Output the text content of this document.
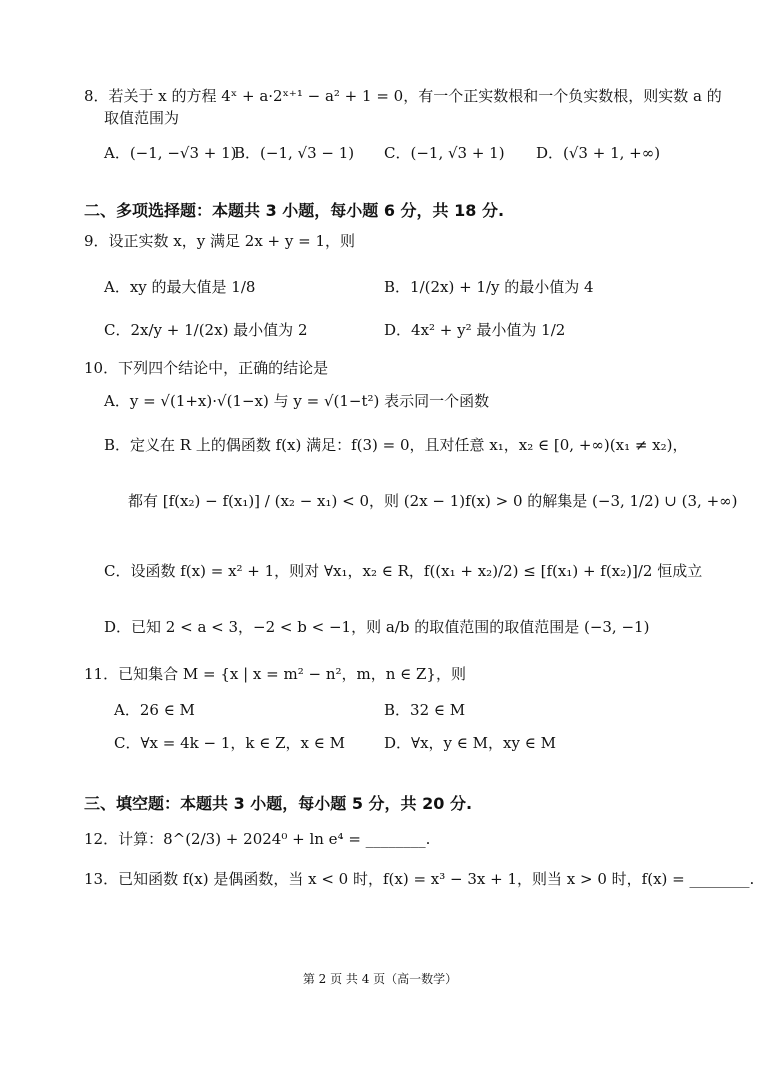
8．若关于 x 的方程 4ˣ + a·2ˣ⁺¹ − a² + 1 = 0，有一个正实数根和一个负实数根，则实数 a 的
取值范围为
A．(−1, −√3 + 1)
B．(−1, √3 − 1) C．(−1, √3 + 1) D．(√3 + 1, +∞)
二、多项选择题：本题共 3 小题，每小题 6 分，共 18 分.
9．设正实数 x，y 满足 2x + y = 1，则
A．xy 的最大值是 1/8	B．1/(2x) + 1/y 的最小值为 4
C．2x/y + 1/(2x) 最小值为 2	D．4x² + y² 最小值为 1/2
10．下列四个结论中，正确的结论是
A．y = √(1+x)·√(1−x) 与 y = √(1−t²) 表示同一个函数
B．定义在 R 上的偶函数 f(x) 满足：f(3) = 0，且对任意 x₁，x₂ ∈ [0, +∞)(x₁ ≠ x₂)，
都有 [f(x₂) − f(x₁)] / (x₂ − x₁) < 0，则 (2x − 1)f(x) > 0 的解集是 (−3, 1/2) ∪ (3, +∞)
C．设函数 f(x) = x² + 1，则对 ∀x₁，x₂ ∈ R，f((x₁ + x₂)/2) ≤ [f(x₁) + f(x₂)]/2 恒成立
D．已知 2 < a < 3，−2 < b < −1，则 a/b 的取值范围的取值范围是 (−3, −1)
11．已知集合 M = {x | x = m² − n²，m，n ∈ Z}，则
A．26 ∈ M	B．32 ∈ M
C．∀x = 4k − 1，k ∈ Z，x ∈ M	D．∀x，y ∈ M，xy ∈ M
三、填空题：本题共 3 小题，每小题 5 分，共 20 分.
12．计算：8^(2/3) + 2024⁰ + ln e⁴ = ________.
13．已知函数 f(x) 是偶函数，当 x < 0 时，f(x) = x³ − 3x + 1，则当 x > 0 时，f(x) = ________.
第 2 页 共 4 页（高一数学）
